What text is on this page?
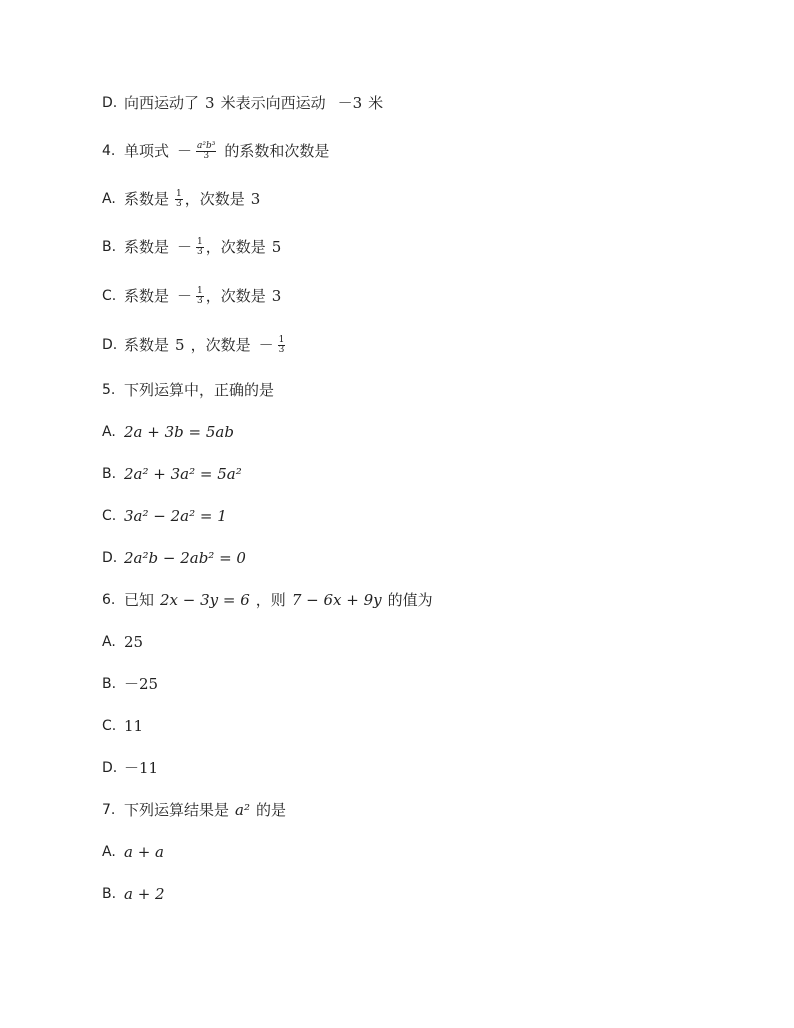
D. 向西运动了 3 米表示向西运动 －3 米
4. 单项式 － $\frac{\text{a²b³}}{3}$ 的系数和次数是
A. 系数是 $\frac{1}{3}$ ，次数是 3
B. 系数是 － $\frac{1}{3}$ ，次数是 5
C. 系数是 － $\frac{1}{3}$ ，次数是 3
D. 系数是 5 ，次数是 － $\frac{1}{3}$
5. 下列运算中，正确的是
A. 2a + 3b = 5ab
B. 2a² + 3a² = 5a²
C. 3a² − 2a² = 1
D. 2a²b − 2ab² = 0
6. 已知 2x − 3y = 6 ，则 7 − 6x + 9y 的值为
A. 25
B. －25
C. 11
D. －11
7. 下列运算结果是 a² 的是
A. a + a
B. a + 2
